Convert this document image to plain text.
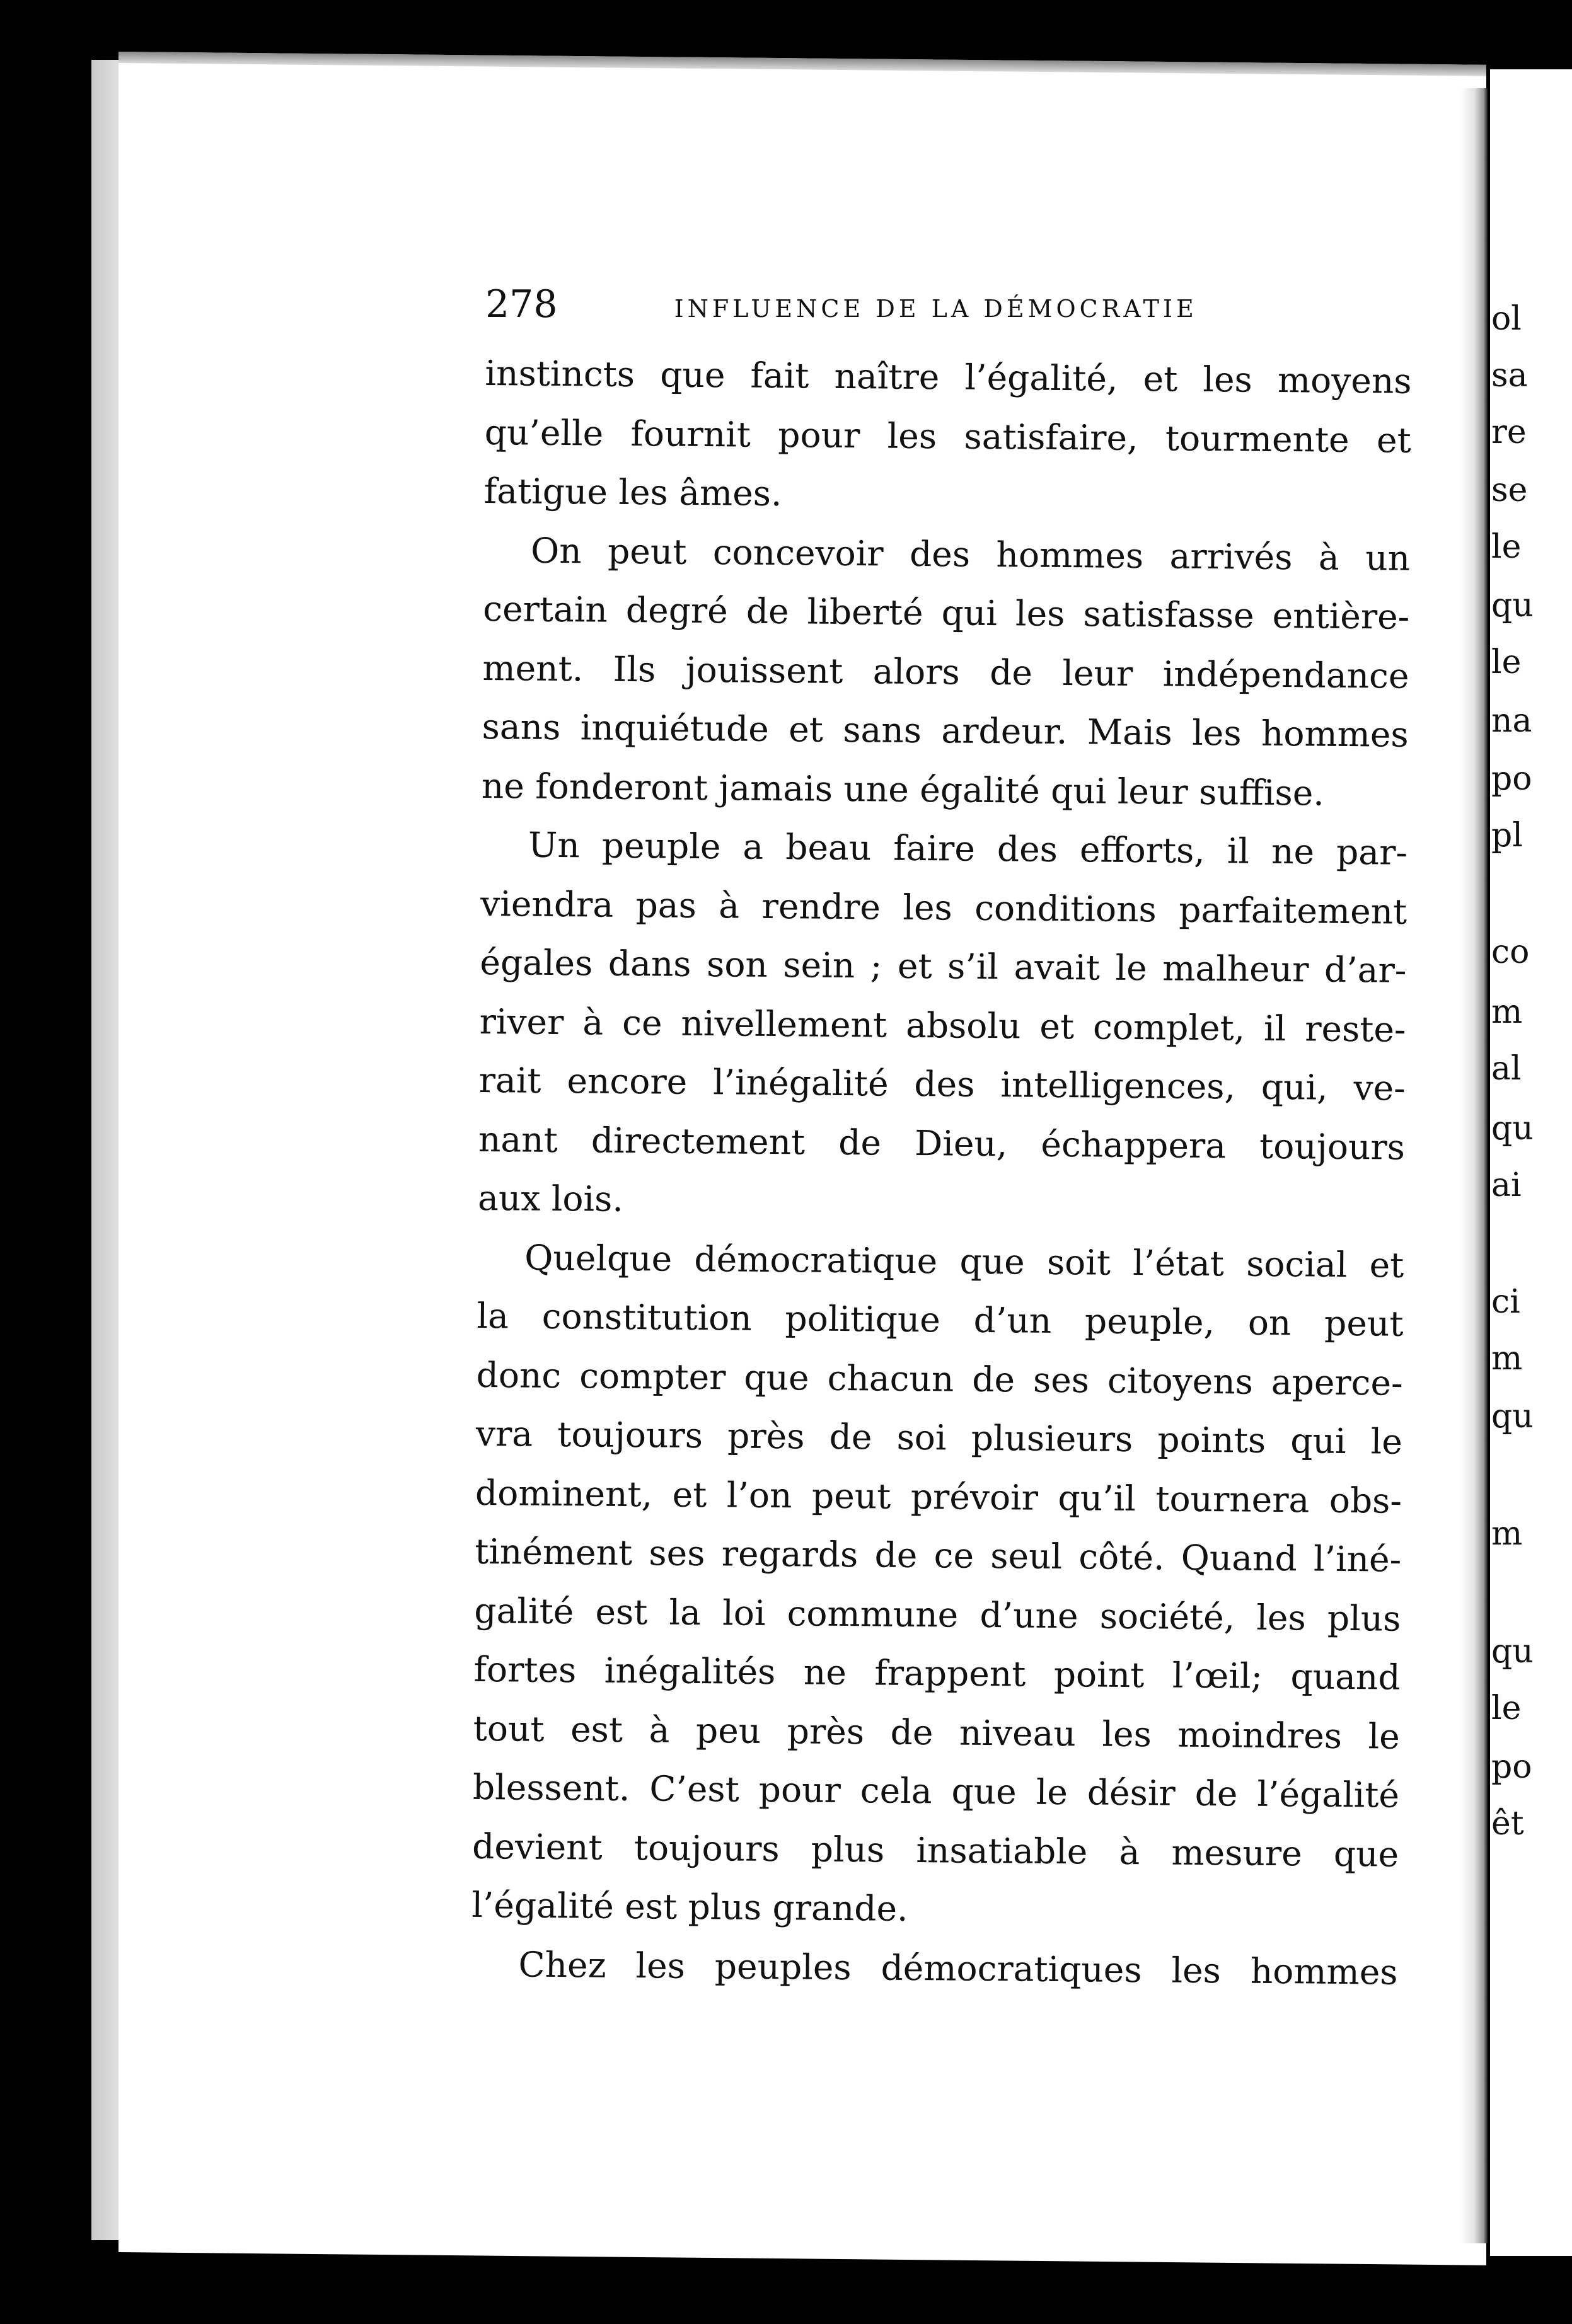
ol
sa
re
se
le
qu
le
na
po
pl
co
m
al
qu
ai
ci
m
qu
m
qu
le
po
êt
278	INFLUENCE DE LA DÉMOCRATIE
instincts que fait naître l’égalité, et les moyens
qu’elle fournit pour les satisfaire, tourmente et
fatigue les âmes.
On peut concevoir des hommes arrivés à un
certain degré de liberté qui les satisfasse entière-
ment. Ils jouissent alors de leur indépendance
sans inquiétude et sans ardeur. Mais les hommes
ne fonderont jamais une égalité qui leur suffise.
Un peuple a beau faire des efforts, il ne par-
viendra pas à rendre les conditions parfaitement
égales dans son sein ; et s’il avait le malheur d’ar-
river à ce nivellement absolu et complet, il reste-
rait encore l’inégalité des intelligences, qui, ve-
nant directement de Dieu, échappera toujours
aux lois.
Quelque démocratique que soit l’état social et
la constitution politique d’un peuple, on peut
donc compter que chacun de ses citoyens aperce-
vra toujours près de soi plusieurs points qui le
dominent, et l’on peut prévoir qu’il tournera obs-
tinément ses regards de ce seul côté. Quand l’iné-
galité est la loi commune d’une société, les plus
fortes inégalités ne frappent point l’œil; quand
tout est à peu près de niveau les moindres le
blessent. C’est pour cela que le désir de l’égalité
devient toujours plus insatiable à mesure que
l’égalité est plus grande.
Chez les peuples démocratiques les hommes
